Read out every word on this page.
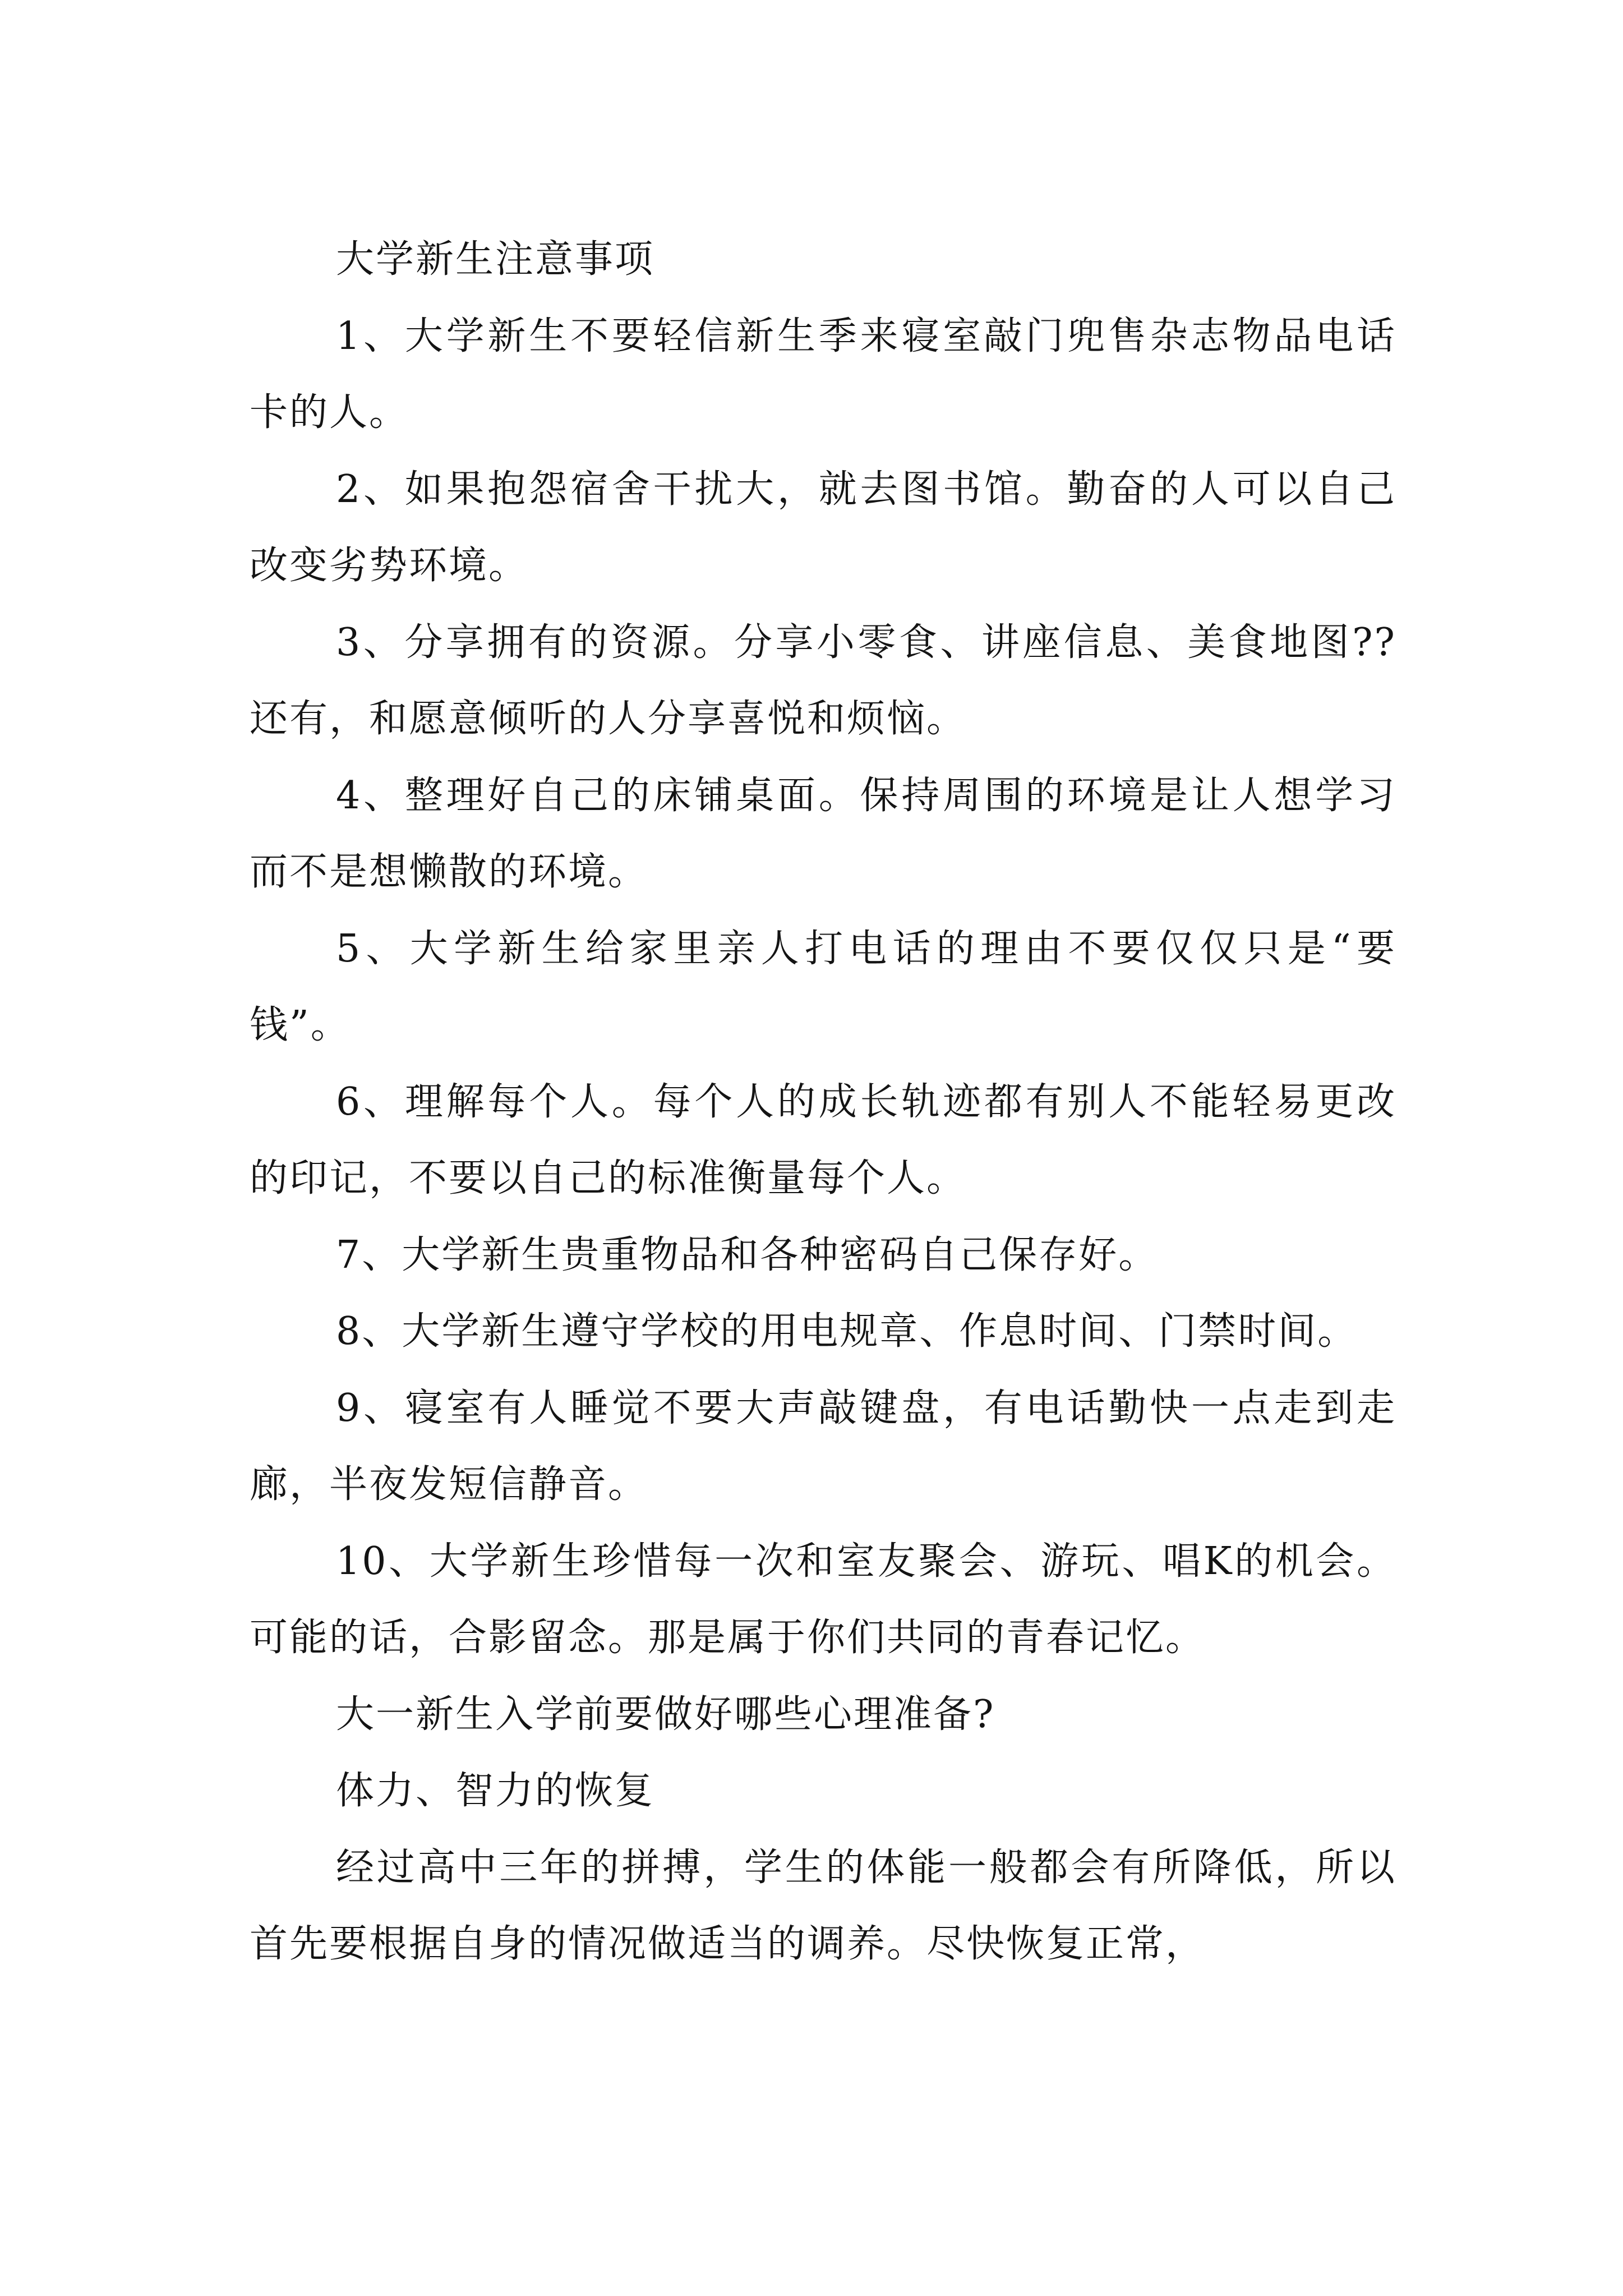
大学新生注意事项

1、大学新生不要轻信新生季来寝室敲门兜售杂志物品电话卡的人。

2、如果抱怨宿舍干扰大，就去图书馆。勤奋的人可以自己改变劣势环境。

3、分享拥有的资源。分享小零食、讲座信息、美食地图??还有，和愿意倾听的人分享喜悦和烦恼。

4、整理好自己的床铺桌面。保持周围的环境是让人想学习而不是想懒散的环境。

5、大学新生给家里亲人打电话的理由不要仅仅只是“要钱”。

6、理解每个人。每个人的成长轨迹都有别人不能轻易更改的印记，不要以自己的标准衡量每个人。

7、大学新生贵重物品和各种密码自己保存好。

8、大学新生遵守学校的用电规章、作息时间、门禁时间。

9、寝室有人睡觉不要大声敲键盘，有电话勤快一点走到走廊，半夜发短信静音。

10、大学新生珍惜每一次和室友聚会、游玩、唱K的机会。可能的话，合影留念。那是属于你们共同的青春记忆。

大一新生入学前要做好哪些心理准备?

体力、智力的恢复

经过高中三年的拼搏，学生的体能一般都会有所降低，所以首先要根据自身的情况做适当的调养。尽快恢复正常，
